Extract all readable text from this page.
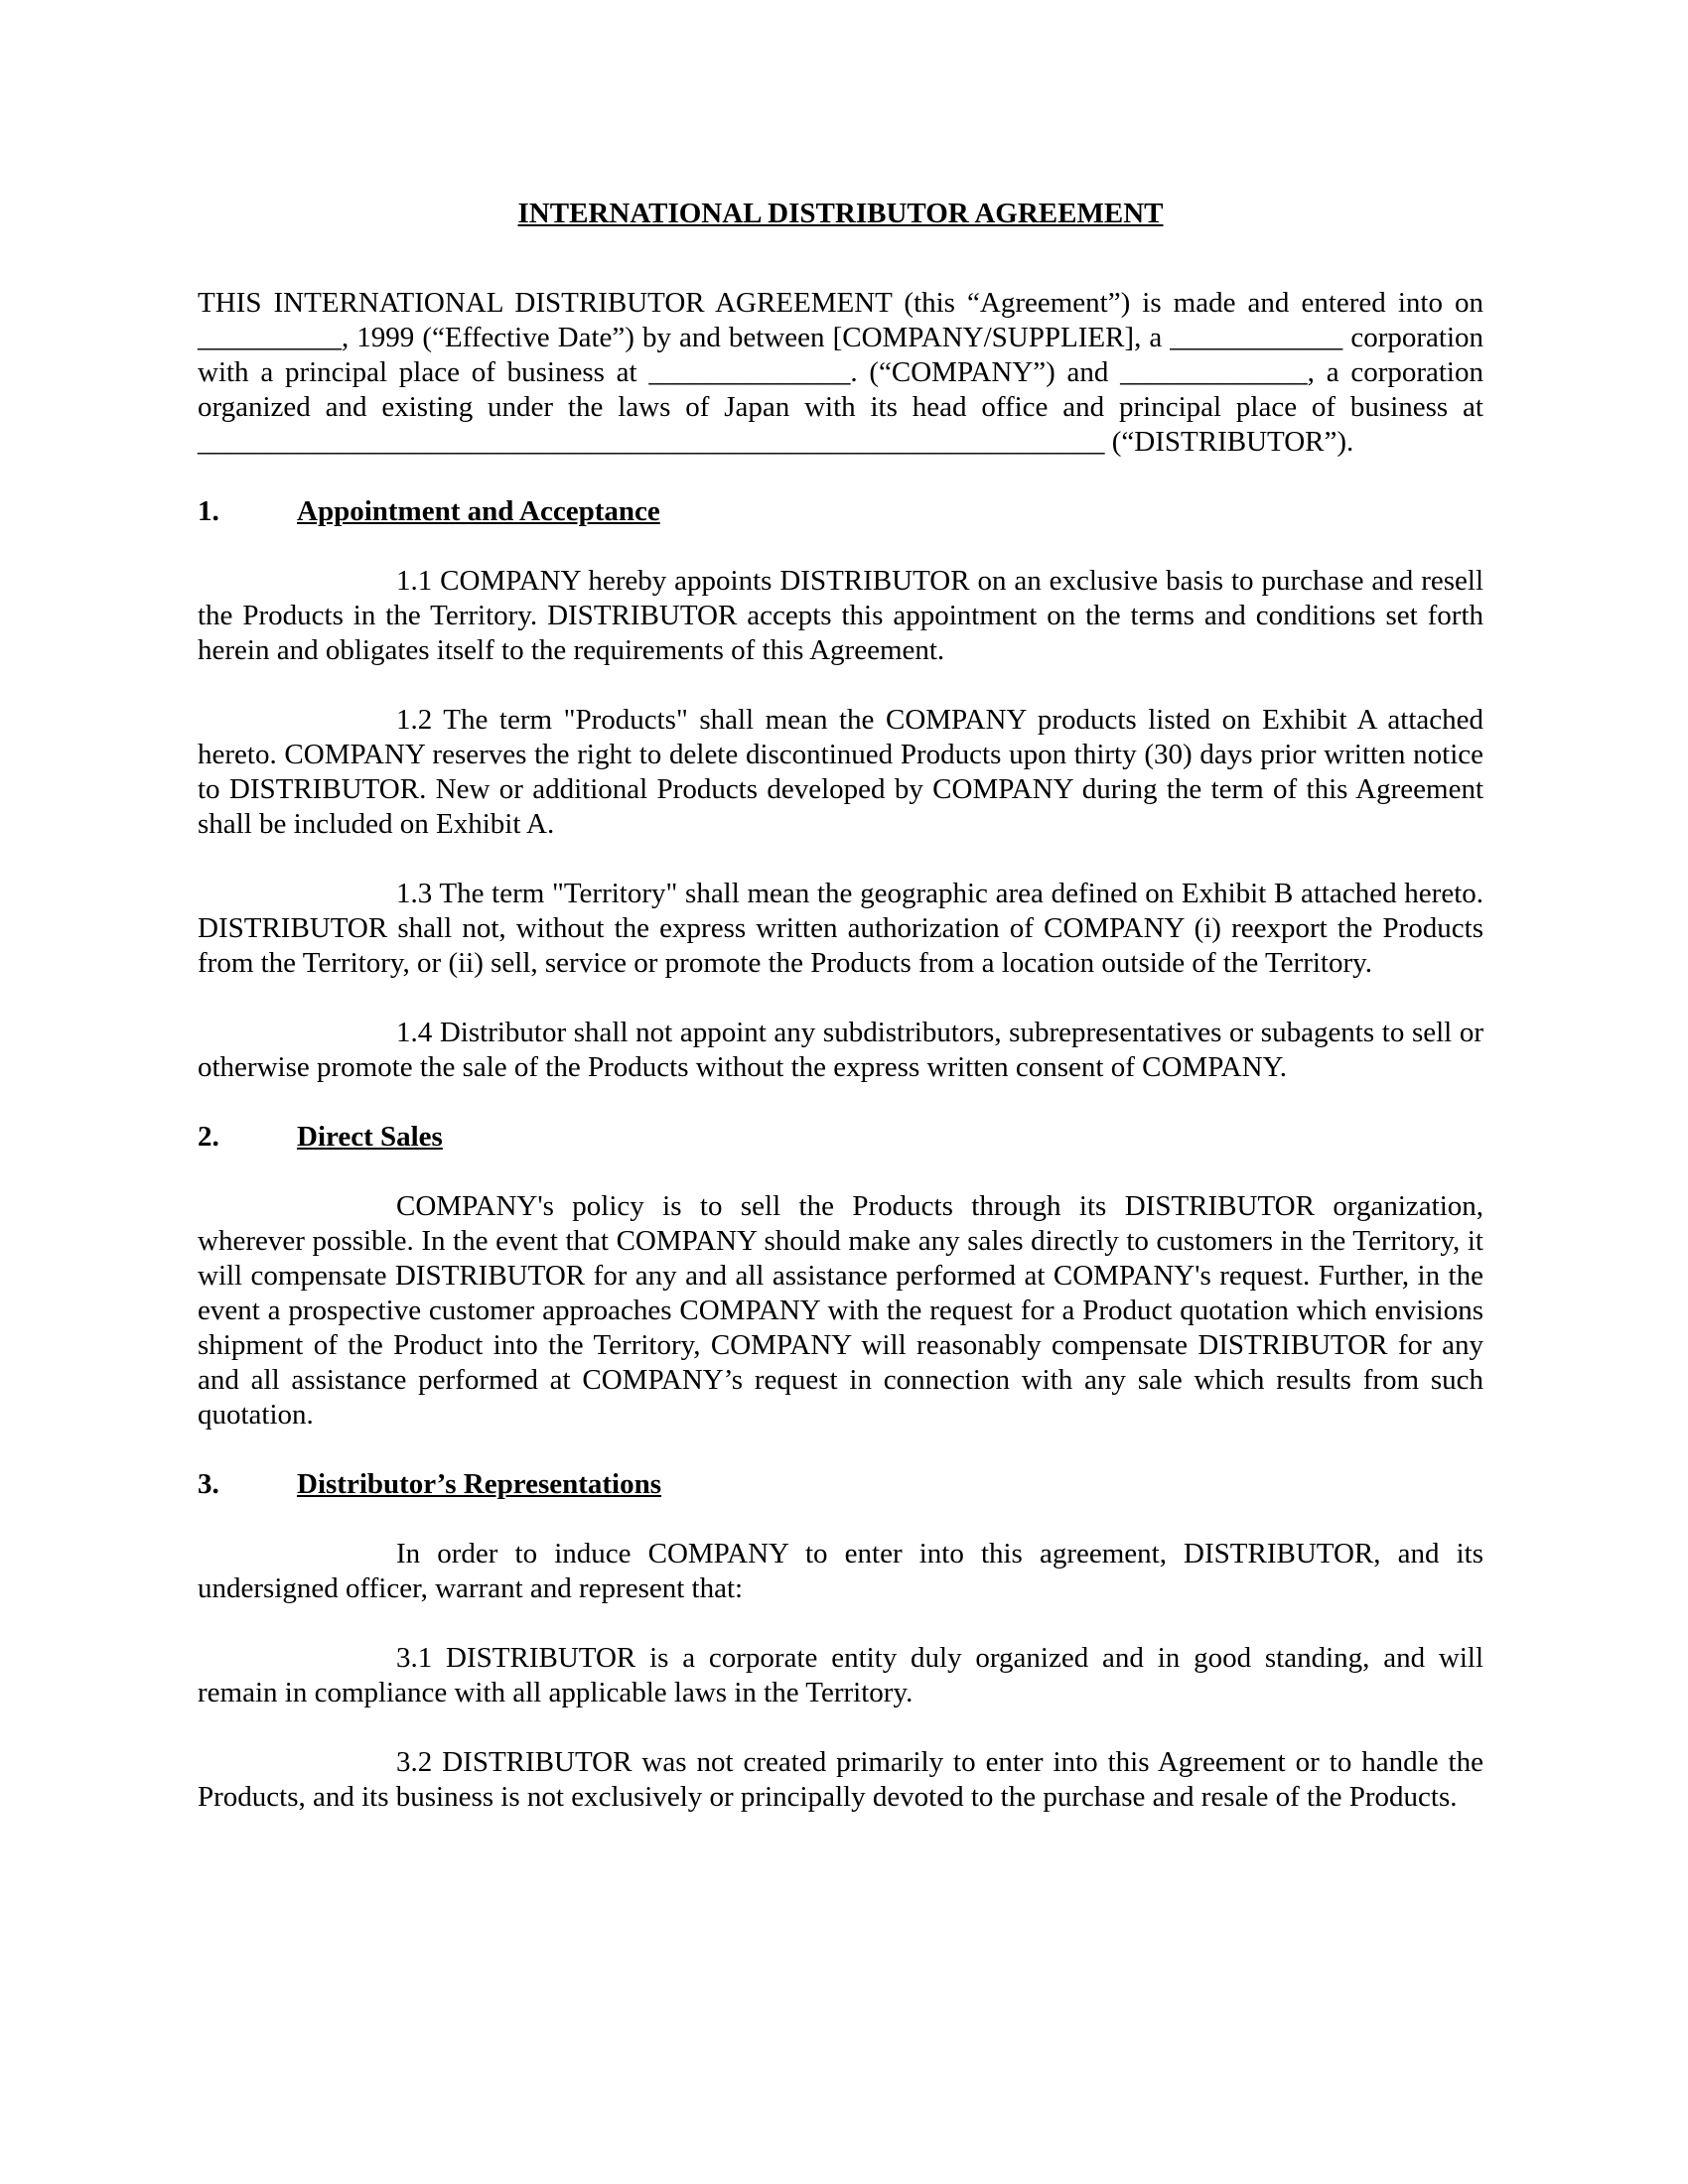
INTERNATIONAL DISTRIBUTOR AGREEMENT

THIS INTERNATIONAL DISTRIBUTOR AGREEMENT (this “Agreement”) is made and entered into on __________, 1999 (“Effective Date”) by and between [COMPANY/SUPPLIER], a ____________ corporation with a principal place of business at ______________. (“COMPANY”) and _____________, a corporation organized and existing under the laws of Japan with its head office and principal place of business at _______________________________________________________________ (“DISTRIBUTOR”).

1.	Appointment and Acceptance

1.1 COMPANY hereby appoints DISTRIBUTOR on an exclusive basis to purchase and resell the Products in the Territory. DISTRIBUTOR accepts this appointment on the terms and conditions set forth herein and obligates itself to the requirements of this Agreement.

1.2 The term "Products" shall mean the COMPANY products listed on Exhibit A attached hereto. COMPANY reserves the right to delete discontinued Products upon thirty (30) days prior written notice to DISTRIBUTOR. New or additional Products developed by COMPANY during the term of this Agreement shall be included on Exhibit A.

1.3 The term "Territory" shall mean the geographic area defined on Exhibit B attached hereto. DISTRIBUTOR shall not, without the express written authorization of COMPANY (i) reexport the Products from the Territory, or (ii) sell, service or promote the Products from a location outside of the Territory.

1.4 Distributor shall not appoint any subdistributors, subrepresentatives or subagents to sell or otherwise promote the sale of the Products without the express written consent of COMPANY.

2.	Direct Sales

COMPANY's policy is to sell the Products through its DISTRIBUTOR organization, wherever possible. In the event that COMPANY should make any sales directly to customers in the Territory, it will compensate DISTRIBUTOR for any and all assistance performed at COMPANY's request. Further, in the event a prospective customer approaches COMPANY with the request for a Product quotation which envisions shipment of the Product into the Territory, COMPANY will reasonably compensate DISTRIBUTOR for any and all assistance performed at COMPANY’s request in connection with any sale which results from such quotation.

3.	Distributor’s Representations

In order to induce COMPANY to enter into this agreement, DISTRIBUTOR, and its undersigned officer, warrant and represent that:

3.1 DISTRIBUTOR is a corporate entity duly organized and in good standing, and will remain in compliance with all applicable laws in the Territory.

3.2 DISTRIBUTOR was not created primarily to enter into this Agreement or to handle the Products, and its business is not exclusively or principally devoted to the purchase and resale of the Products.
